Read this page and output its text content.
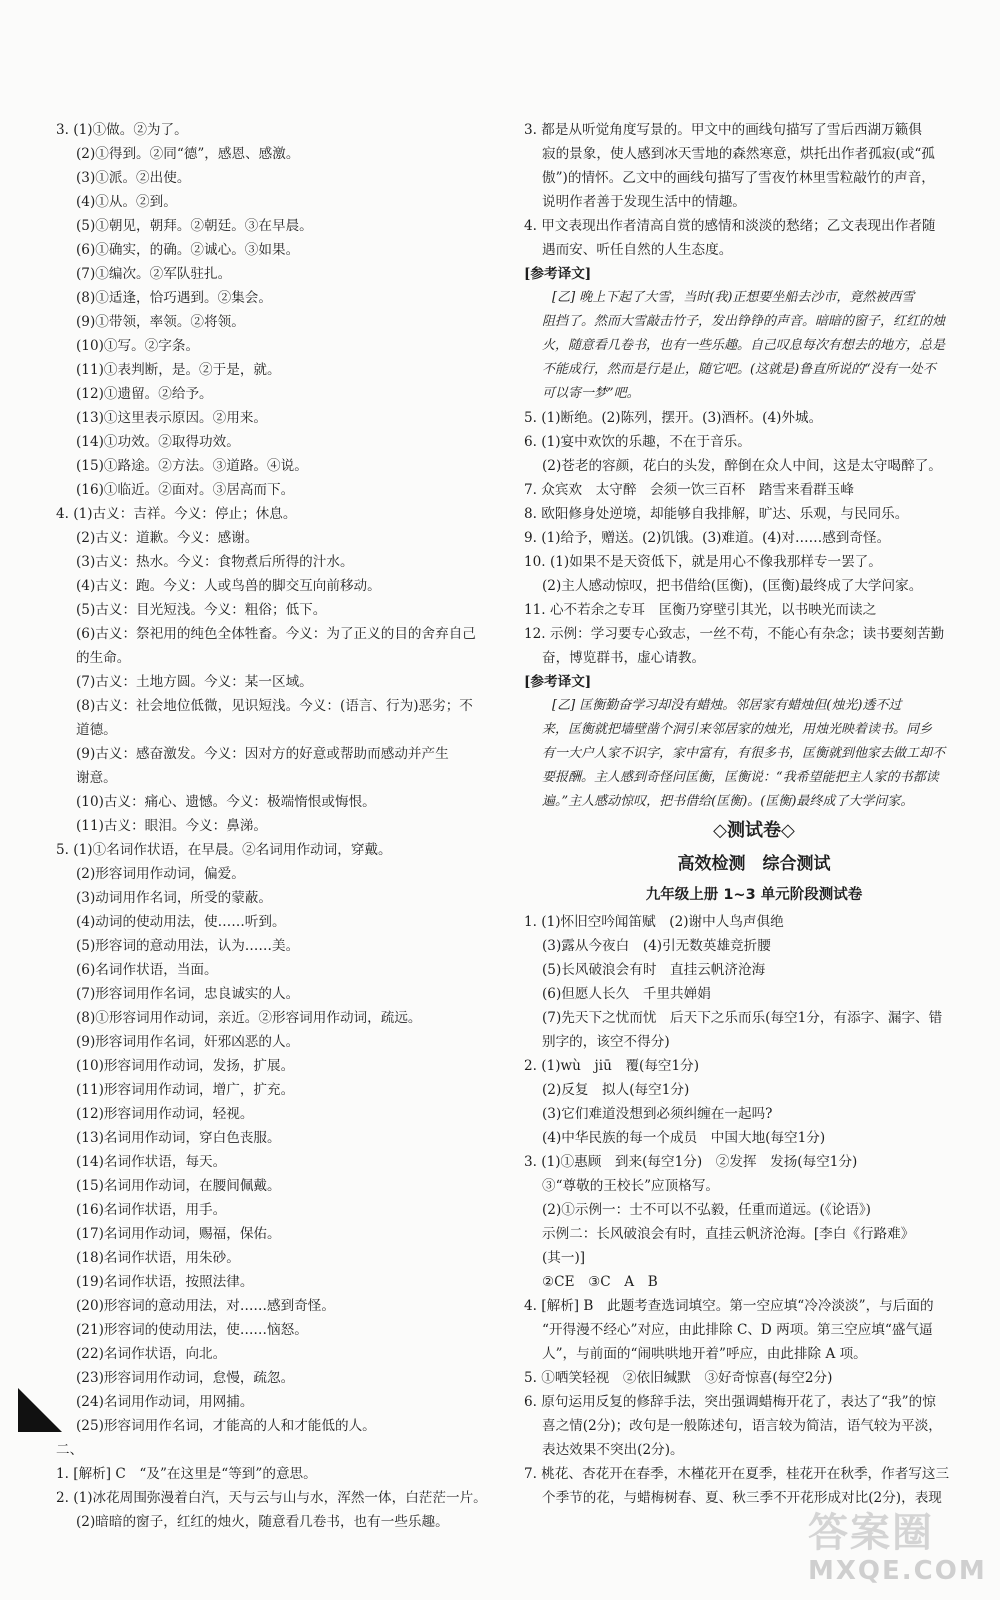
3. (1)①做。②为了。
(2)①得到。②同“德”，感恩、感激。
(3)①派。②出使。
(4)①从。②到。
(5)①朝见，朝拜。②朝廷。③在早晨。
(6)①确实，的确。②诚心。③如果。
(7)①编次。②军队驻扎。
(8)①适逢，恰巧遇到。②集会。
(9)①带领，率领。②将领。
(10)①写。②字条。
(11)①表判断，是。②于是，就。
(12)①遗留。②给予。
(13)①这里表示原因。②用来。
(14)①功效。②取得功效。
(15)①路途。②方法。③道路。④说。
(16)①临近。②面对。③居高而下。
4. (1)古义：吉祥。今义：停止；休息。
(2)古义：道歉。今义：感谢。
(3)古义：热水。今义：食物煮后所得的汁水。
(4)古义：跑。今义：人或鸟兽的脚交互向前移动。
(5)古义：目光短浅。今义：粗俗；低下。
(6)古义：祭祀用的纯色全体牲畜。今义：为了正义的目的舍弃自己
的生命。
(7)古义：土地方圆。今义：某一区域。
(8)古义：社会地位低微，见识短浅。今义：(语言、行为)恶劣；不
道德。
(9)古义：感奋激发。今义：因对方的好意或帮助而感动并产生
谢意。
(10)古义：痛心、遗憾。今义：极端惰恨或悔恨。
(11)古义：眼泪。今义：鼻涕。
5. (1)①名词作状语，在早晨。②名词用作动词，穿戴。
(2)形容词用作动词，偏爱。
(3)动词用作名词，所受的蒙蔽。
(4)动词的使动用法，使……听到。
(5)形容词的意动用法，认为……美。
(6)名词作状语，当面。
(7)形容词用作名词，忠良诚实的人。
(8)①形容词用作动词，亲近。②形容词用作动词，疏远。
(9)形容词用作名词，奸邪凶恶的人。
(10)形容词用作动词，发扬，扩展。
(11)形容词用作动词，增广，扩充。
(12)形容词用作动词，轻视。
(13)名词用作动词，穿白色丧服。
(14)名词作状语，每天。
(15)名词用作动词，在腰间佩戴。
(16)名词作状语，用手。
(17)名词用作动词，赐福，保佑。
(18)名词作状语，用朱砂。
(19)名词作状语，按照法律。
(20)形容词的意动用法，对……感到奇怪。
(21)形容词的使动用法，使……恼怒。
(22)名词作状语，向北。
(23)形容词用作动词，怠慢，疏忽。
(24)名词用作动词，用网捕。
(25)形容词用作名词，才能高的人和才能低的人。
二、
1. [解析] C　“及”在这里是“等到”的意思。
2. (1)冰花周围弥漫着白汽，天与云与山与水，浑然一体，白茫茫一片。
(2)暗暗的窗子，红红的烛火，随意看几卷书，也有一些乐趣。
3. 都是从听觉角度写景的。甲文中的画线句描写了雪后西湖万籁俱
寂的景象，使人感到冰天雪地的森然寒意，烘托出作者孤寂(或“孤
傲”)的情怀。乙文中的画线句描写了雪夜竹林里雪粒敲竹的声音，
说明作者善于发现生活中的情趣。
4. 甲文表现出作者清高自赏的感情和淡淡的愁绪；乙文表现出作者随
遇而安、听任自然的人生态度。
[参考译文]
[乙] 晚上下起了大雪，当时(我)正想要坐船去沙市，竟然被西雪
阻挡了。然而大雪敲击竹子，发出铮铮的声音。暗暗的窗子，红红的烛
火，随意看几卷书，也有一些乐趣。自己叹息每次有想去的地方，总是
不能成行，然而是行是止，随它吧。(这就是)鲁直所说的“没有一处不
可以寄一梦”吧。
5. (1)断绝。(2)陈列，摆开。(3)酒杯。(4)外城。
6. (1)宴中欢饮的乐趣，不在于音乐。
(2)苍老的容颜，花白的头发，醉倒在众人中间，这是太守喝醉了。
7. 众宾欢　太守醉　会须一饮三百杯　踏雪来看群玉峰
8. 欧阳修身处逆境，却能够自我排解，旷达、乐观，与民同乐。
9. (1)给予，赠送。(2)饥饿。(3)难道。(4)对……感到奇怪。
10. (1)如果不是天资低下，就是用心不像我那样专一罢了。
(2)主人感动惊叹，把书借给(匡衡)，(匡衡)最终成了大学问家。
11. 心不若余之专耳　匡衡乃穿壁引其光，以书映光而读之
12. 示例：学习要专心致志，一丝不苟，不能心有杂念；读书要刻苦勤
奋，博览群书，虚心请教。
[参考译文]
[乙] 匡衡勤奋学习却没有蜡烛。邻居家有蜡烛但(烛光)透不过
来，匡衡就把墙壁凿个洞引来邻居家的烛光，用烛光映着读书。同乡
有一大户人家不识字，家中富有，有很多书，匡衡就到他家去做工却不
要报酬。主人感到奇怪问匡衡，匡衡说：“我希望能把主人家的书都读
遍。”主人感动惊叹，把书借给(匡衡)。(匡衡)最终成了大学问家。
◇测试卷◇
高效检测　综合测试
九年级上册 1~3 单元阶段测试卷
1. (1)怀旧空吟闻笛赋　(2)谢中人鸟声俱绝
(3)露从今夜白　(4)引无数英雄竞折腰
(5)长风破浪会有时　直挂云帆济沧海
(6)但愿人长久　千里共婵娟
(7)先天下之忧而忧　后天下之乐而乐(每空1分，有添字、漏字、错
别字的，该空不得分)
2. (1)wù　jiū　覆(每空1分)
(2)反复　拟人(每空1分)
(3)它们难道没想到必须纠缠在一起吗?
(4)中华民族的每一个成员　中国大地(每空1分)
3. (1)①惠顾　到来(每空1分)　②发挥　发扬(每空1分)
③“尊敬的王校长”应顶格写。
(2)①示例一：士不可以不弘毅，任重而道远。(《论语》)
示例二：长风破浪会有时，直挂云帆济沧海。[李白《行路难》
(其一)]
②CE　③C　A　B
4. [解析] B　此题考查选词填空。第一空应填“冷冷淡淡”，与后面的
“开得漫不经心”对应，由此排除 C、D 两项。第三空应填“盛气逼
人”，与前面的“闹哄哄地开着”呼应，由此排除 A 项。
5. ①哂笑轻视　②依旧缄默　③好奇惊喜(每空2分)
6. 原句运用反复的修辞手法，突出强调蜡梅开花了，表达了“我”的惊
喜之情(2分)；改句是一般陈述句，语言较为简洁，语气较为平淡，
表达效果不突出(2分)。
7. 桃花、杏花开在春季，木槿花开在夏季，桂花开在秋季，作者写这三
个季节的花，与蜡梅树春、夏、秋三季不开花形成对比(2分)，表现
答案圈
MXQE.COM
